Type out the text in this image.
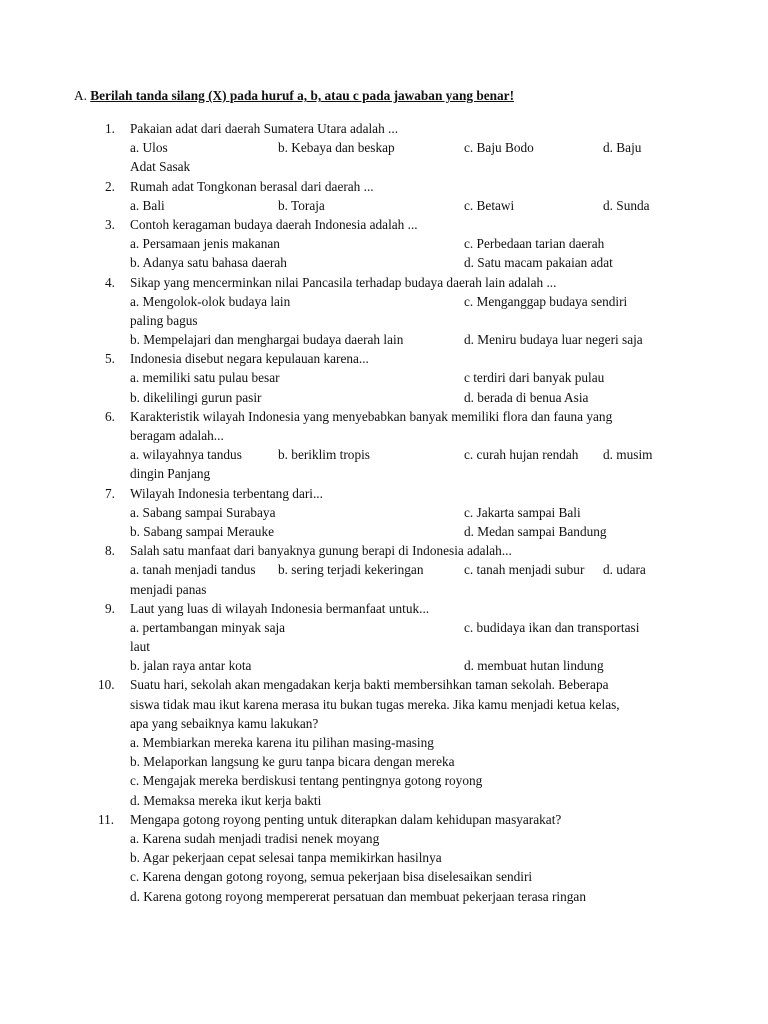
A. Berilah tanda silang (X) pada huruf a, b, atau c pada jawaban yang benar!
1.	Pakaian adat dari daerah Sumatera Utara adalah ...
a. Ulos	b. Kebaya dan beskap	c. Baju Bodo	d. Baju
Adat Sasak
2.	Rumah adat Tongkonan berasal dari daerah ...
a. Bali	b. Toraja	c. Betawi	d. Sunda
3.	Contoh keragaman budaya daerah Indonesia adalah ...
a. Persamaan jenis makanan	c. Perbedaan tarian daerah
b. Adanya satu bahasa daerah	d. Satu macam pakaian adat
4.	Sikap yang mencerminkan nilai Pancasila terhadap budaya daerah lain adalah ...
a. Mengolok-olok budaya lain	c. Menganggap budaya sendiri
paling bagus
b. Mempelajari dan menghargai budaya daerah lain	d. Meniru budaya luar negeri saja
5.	Indonesia disebut negara kepulauan karena...
a. memiliki satu pulau besar	c terdiri dari banyak pulau
b. dikelilingi gurun pasir	d. berada di benua Asia
6.	Karakteristik wilayah Indonesia yang menyebabkan banyak memiliki flora dan fauna yang
beragam adalah...
a. wilayahnya tandus	b. beriklim tropis	c. curah hujan rendah d. musim
dingin Panjang
7.	Wilayah Indonesia terbentang dari...
a. Sabang sampai Surabaya	c. Jakarta sampai Bali
b. Sabang sampai Merauke	d. Medan sampai Bandung
8.	Salah satu manfaat dari banyaknya gunung berapi di Indonesia adalah...
a. tanah menjadi tandus b. sering terjadi kekeringan	c. tanah menjadi subur d. udara
menjadi panas
9.	Laut yang luas di wilayah Indonesia bermanfaat untuk...
a. pertambangan minyak saja	c. budidaya ikan dan transportasi
laut
b. jalan raya antar kota	d. membuat hutan lindung
10. Suatu hari, sekolah akan mengadakan kerja bakti membersihkan taman sekolah. Beberapa
siswa tidak mau ikut karena merasa itu bukan tugas mereka. Jika kamu menjadi ketua kelas,
apa yang sebaiknya kamu lakukan?
a. Membiarkan mereka karena itu pilihan masing-masing
b. Melaporkan langsung ke guru tanpa bicara dengan mereka
c. Mengajak mereka berdiskusi tentang pentingnya gotong royong
d. Memaksa mereka ikut kerja bakti
11. Mengapa gotong royong penting untuk diterapkan dalam kehidupan masyarakat?
a. Karena sudah menjadi tradisi nenek moyang
b. Agar pekerjaan cepat selesai tanpa memikirkan hasilnya
c. Karena dengan gotong royong, semua pekerjaan bisa diselesaikan sendiri
d. Karena gotong royong mempererat persatuan dan membuat pekerjaan terasa ringan
